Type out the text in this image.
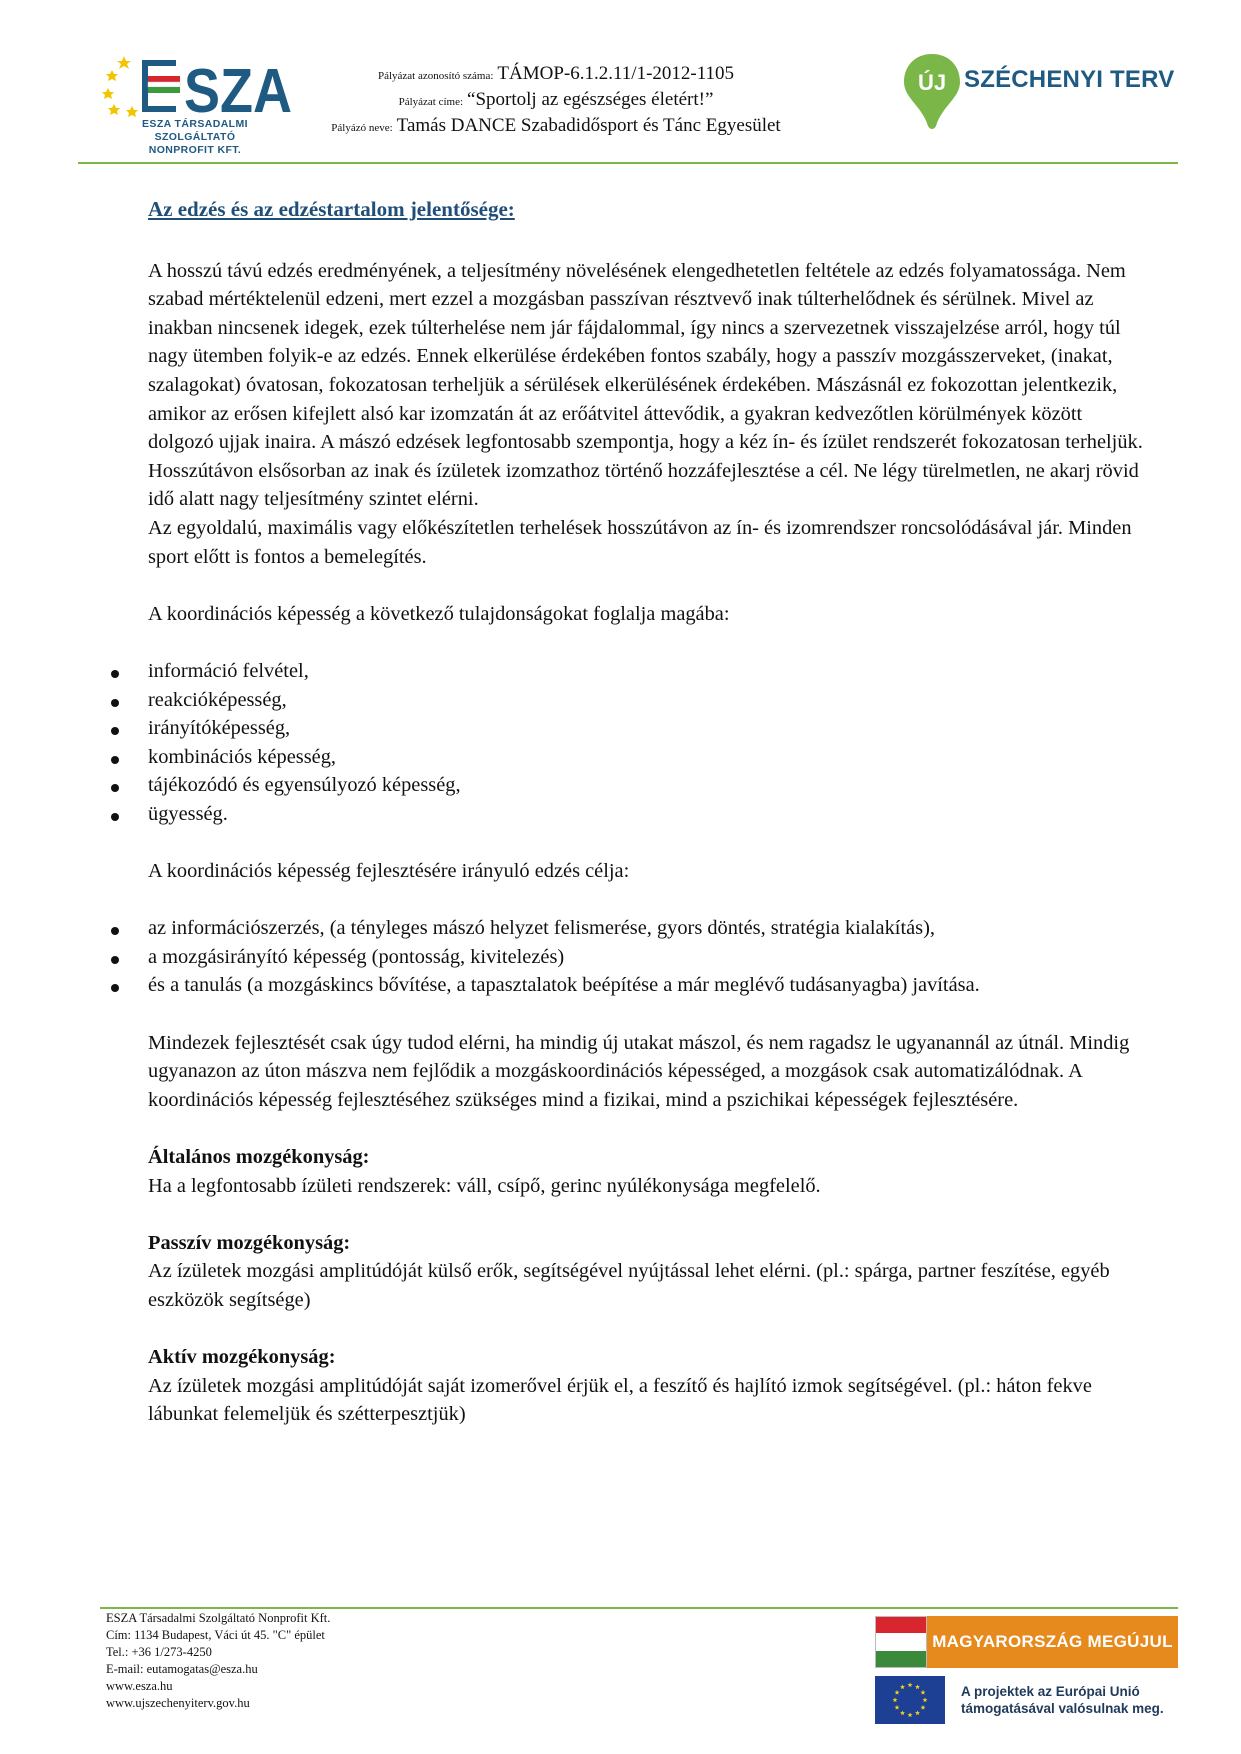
SZA
ESZA TÁRSADALMI SZOLGÁLTATÓ
NONPROFIT KFT.
Pályázat azonosító száma: TÁMOP-6.1.2.11/1-2012-1105
Pályázat címe: “Sportolj az egészséges életért!”
Pályázó neve: Tamás DANCE Szabadidősport és Tánc Egyesület
ÚJ SZÉCHENYI TERV

Az edzés és az edzéstartalom jelentősége:

A hosszú távú edzés eredményének, a teljesítmény növelésének elengedhetetlen feltétele az edzés folyamatossága. Nem szabad mértéktelenül edzeni, mert ezzel a mozgásban passzívan résztvevő inak túlterhelődnek és sérülnek. Mivel az inakban nincsenek idegek, ezek túlterhelése nem jár fájdalommal, így nincs a szervezetnek visszajelzése arról, hogy túl nagy ütemben folyik-e az edzés. Ennek elkerülése érdekében fontos szabály, hogy a passzív mozgásszerveket, (inakat, szalagokat) óvatosan, fokozatosan terheljük a sérülések elkerülésének érdekében. Mászásnál ez fokozottan jelentkezik, amikor az erősen kifejlett alsó kar izomzatán át az erőátvitel áttevődik, a gyakran kedvezőtlen körülmények között dolgozó ujjak inaira. A mászó edzések legfontosabb szempontja, hogy a kéz ín- és ízület rendszerét fokozatosan terheljük. Hosszútávon elsősorban az inak és ízületek izomzathoz történő hozzáfejlesztése a cél. Ne légy türelmetlen, ne akarj rövid idő alatt nagy teljesítmény szintet elérni.

Az egyoldalú, maximális vagy előkészítetlen terhelések hosszútávon az ín- és izomrendszer roncsolódásával jár. Minden sport előtt is fontos a bemelegítés.

A koordinációs képesség a következő tulajdonságokat foglalja magába:

információ felvétel,
reakcióképesség,
irányítóképesség,
kombinációs képesség,
tájékozódó és egyensúlyozó képesség,
ügyesség.

A koordinációs képesség fejlesztésére irányuló edzés célja:

az információszerzés, (a tényleges mászó helyzet felismerése, gyors döntés, stratégia kialakítás),
a mozgásirányító képesség (pontosság, kivitelezés)
és a tanulás (a mozgáskincs bővítése, a tapasztalatok beépítése a már meglévő tudásanyagba) javítása.

Mindezek fejlesztését csak úgy tudod elérni, ha mindig új utakat mászol, és nem ragadsz le ugyanannál az útnál. Mindig ugyanazon az úton mászva nem fejlődik a mozgáskoordinációs képességed, a mozgások csak automatizálódnak. A koordinációs képesség fejlesztéséhez szükséges mind a fizikai, mind a pszichikai képességek fejlesztésére.

Általános mozgékonyság:

Ha a legfontosabb ízületi rendszerek: váll, csípő, gerinc nyúlékonysága megfelelő.

Passzív mozgékonyság:

Az ízületek mozgási amplitúdóját külső erők, segítségével nyújtással lehet elérni. (pl.: spárga, partner feszítése, egyéb eszközök segítsége)

Aktív mozgékonyság:

Az ízületek mozgási amplitúdóját saját izomerővel érjük el, a feszítő és hajlító izmok segítségével. (pl.: háton fekve lábunkat felemeljük és szétterpesztjük)

ESZA Társadalmi Szolgáltató Nonprofit Kft.
Cím: 1134 Budapest, Váci út 45. "C" épület
Tel.: +36 1/273-4250
E-mail: eutamogatas@esza.hu
www.esza.hu
www.ujszechenyiterv.gov.hu
MAGYARORSZÁG MEGÚJUL
A projektek az Európai Unió
támogatásával valósulnak meg.
